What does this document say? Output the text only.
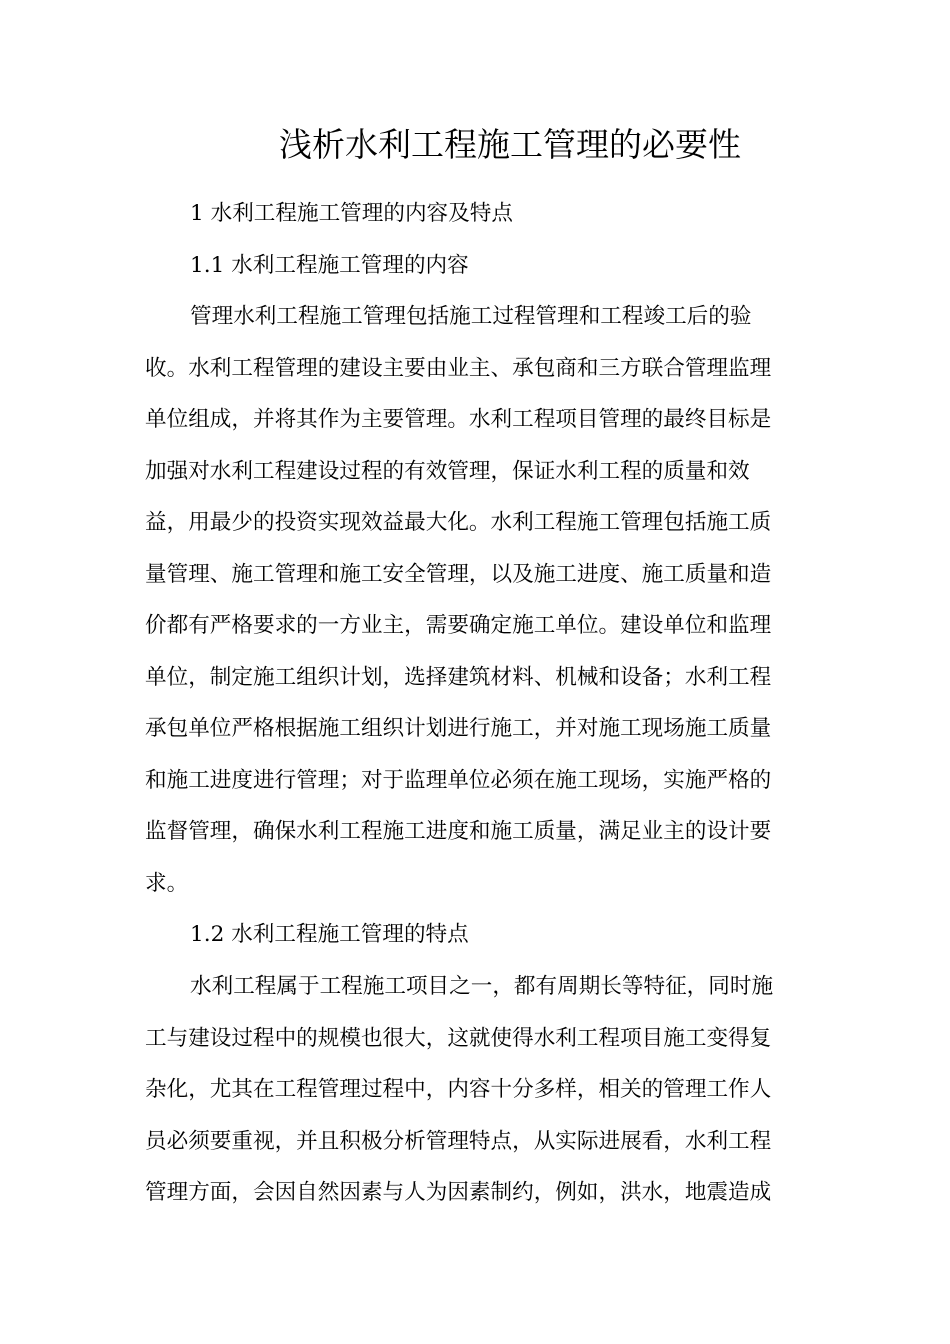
浅析水利工程施工管理的必要性

1 水利工程施工管理的内容及特点

1.1 水利工程施工管理的内容

管理水利工程施工管理包括施工过程管理和工程竣工后的验
收。水利工程管理的建设主要由业主、承包商和三方联合管理监理
单位组成，并将其作为主要管理。水利工程项目管理的最终目标是
加强对水利工程建设过程的有效管理，保证水利工程的质量和效
益，用最少的投资实现效益最大化。水利工程施工管理包括施工质
量管理、施工管理和施工安全管理，以及施工进度、施工质量和造
价都有严格要求的一方业主，需要确定施工单位。建设单位和监理
单位，制定施工组织计划，选择建筑材料、机械和设备；水利工程
承包单位严格根据施工组织计划进行施工，并对施工现场施工质量
和施工进度进行管理；对于监理单位必须在施工现场，实施严格的
监督管理，确保水利工程施工进度和施工质量，满足业主的设计要
求。

1.2 水利工程施工管理的特点

水利工程属于工程施工项目之一，都有周期长等特征，同时施
工与建设过程中的规模也很大，这就使得水利工程项目施工变得复
杂化，尤其在工程管理过程中，内容十分多样，相关的管理工作人
员必须要重视，并且积极分析管理特点，从实际进展看，水利工程
管理方面，会因自然因素与人为因素制约，例如，洪水，地震造成
